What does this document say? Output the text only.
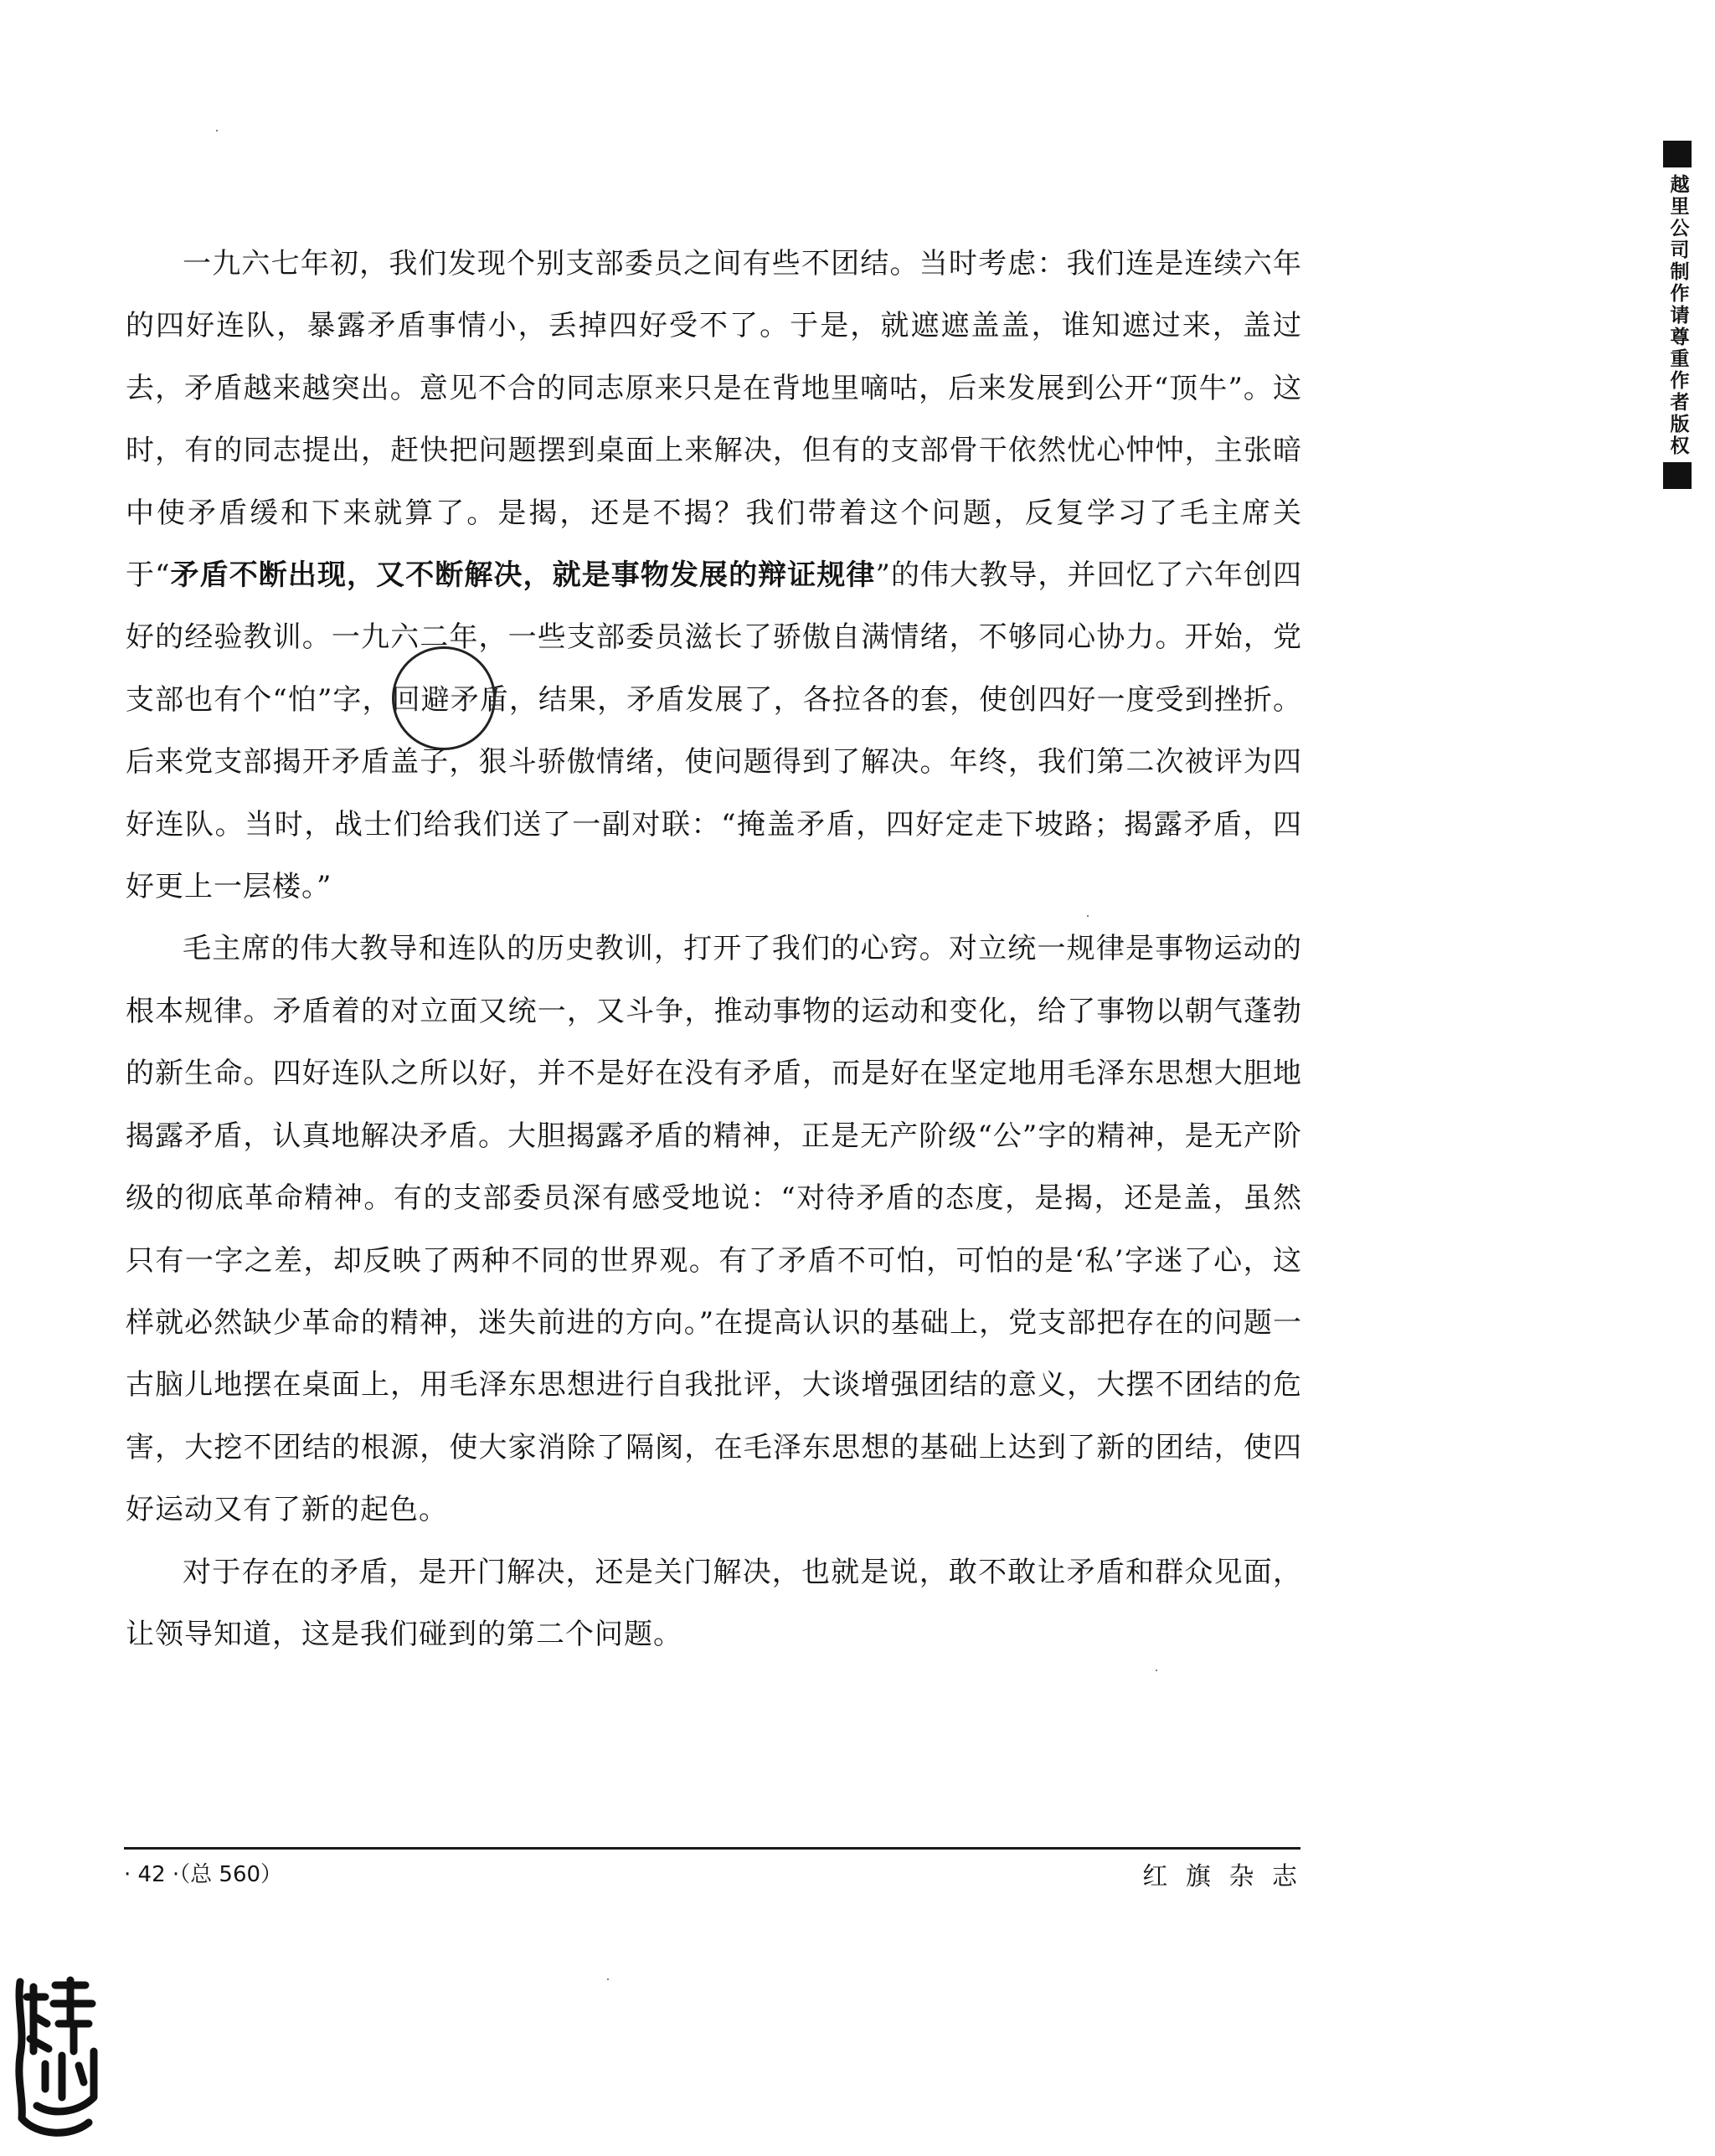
越里公司制作请尊重作者版权

一九六七年初，我们发现个别支部委员之间有些不团结。当时考虑：我们连是连续六年的四好连队，暴露矛盾事情小，丢掉四好受不了。于是，就遮遮盖盖，谁知遮过来，盖过去，矛盾越来越突出。意见不合的同志原来只是在背地里嘀咕，后来发展到公开“顶牛”。这时，有的同志提出，赶快把问题摆到桌面上来解决，但有的支部骨干依然忧心忡忡，主张暗中使矛盾缓和下来就算了。是揭，还是不揭？我们带着这个问题，反复学习了毛主席关于“矛盾不断出现，又不断解决，就是事物发展的辩证规律”的伟大教导，并回忆了六年创四好的经验教训。一九六二年，一些支部委员滋长了骄傲自满情绪，不够同心协力。开始，党支部也有个“怕”字，回避矛盾，结果，矛盾发展了，各拉各的套，使创四好一度受到挫折。后来党支部揭开矛盾盖子，狠斗骄傲情绪，使问题得到了解决。年终，我们第二次被评为四好连队。当时，战士们给我们送了一副对联：“掩盖矛盾，四好定走下坡路；揭露矛盾，四好更上一层楼。”

毛主席的伟大教导和连队的历史教训，打开了我们的心窍。对立统一规律是事物运动的根本规律。矛盾着的对立面又统一，又斗争，推动事物的运动和变化，给了事物以朝气蓬勃的新生命。四好连队之所以好，并不是好在没有矛盾，而是好在坚定地用毛泽东思想大胆地揭露矛盾，认真地解决矛盾。大胆揭露矛盾的精神，正是无产阶级“公”字的精神，是无产阶级的彻底革命精神。有的支部委员深有感受地说：“对待矛盾的态度，是揭，还是盖，虽然只有一字之差，却反映了两种不同的世界观。有了矛盾不可怕，可怕的是‘私’字迷了心，这样就必然缺少革命的精神，迷失前进的方向。”在提高认识的基础上，党支部把存在的问题一古脑儿地摆在桌面上，用毛泽东思想进行自我批评，大谈增强团结的意义，大摆不团结的危害，大挖不团结的根源，使大家消除了隔阂，在毛泽东思想的基础上达到了新的团结，使四好运动又有了新的起色。

对于存在的矛盾，是开门解决，还是关门解决，也就是说，敢不敢让矛盾和群众见面，让领导知道，这是我们碰到的第二个问题。

· 42 ·（总 560）	红 旗 杂 志
